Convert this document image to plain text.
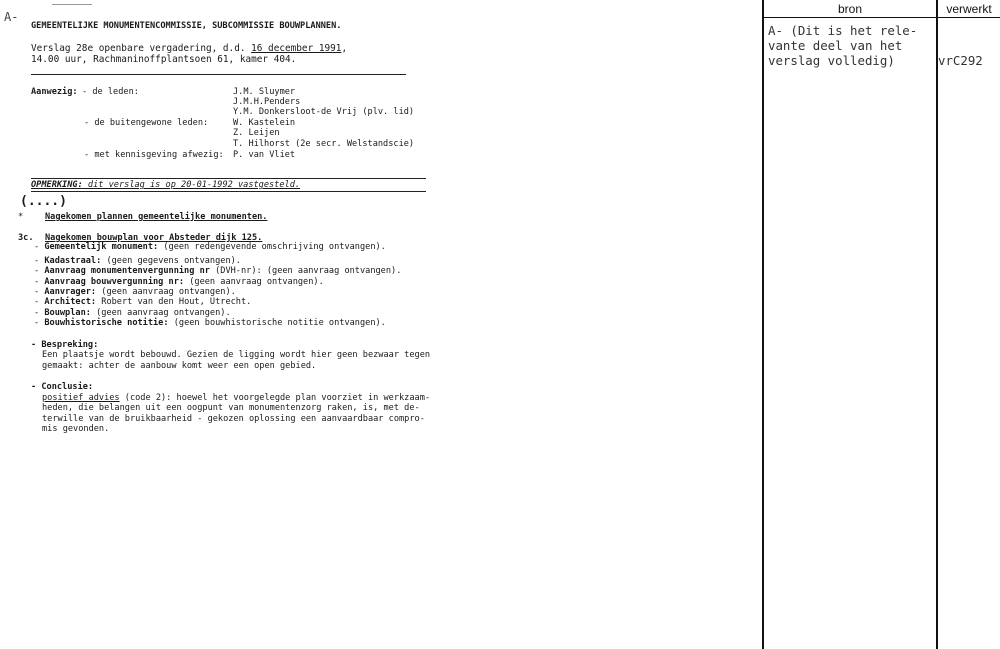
A-
GEMEENTELIJKE MONUMENTENCOMMISSIE, SUBCOMMISSIE BOUWPLANNEN.
Verslag 28e openbare vergadering, d.d. 16 december 1991,
14.00 uur, Rachmaninoffplantsoen 61, kamer 404.
Aanwezig: - de leden:	J.M. Sluymer
J.M.H.Penders
Y.M. Donkersloot-de Vrij (plv. lid)
- de buitengewone leden:	W. Kastelein
Z. Leijen
T. Hilhorst (2e secr. Welstandscie)
- met kennisgeving afwezig: P. van Vliet
OPMERKING: dit verslag is op 20-01-1992 vastgesteld.
(....)
*	Nagekomen plannen gemeentelijke monumenten.
3c. Nagekomen bouwplan voor Absteder dijk 125.
- Gemeentelijk monument: (geen redengevende omschrijving ontvangen).
- Kadastraal: (geen gegevens ontvangen).
- Aanvraag monumentenvergunning nr (DVH-nr): (geen aanvraag ontvangen).
- Aanvraag bouwvergunning nr: (geen aanvraag ontvangen).
- Aanvrager: (geen aanvraag ontvangen).
- Architect: Robert van den Hout, Utrecht.
- Bouwplan: (geen aanvraag ontvangen).
- Bouwhistorische notitie: (geen bouwhistorische notitie ontvangen).
- Bespreking:
Een plaatsje wordt bebouwd. Gezien de ligging wordt hier geen bezwaar tegen
gemaakt: achter de aanbouw komt weer een open gebied.
- Conclusie:
positief advies (code 2): hoewel het voorgelegde plan voorziet in werkzaam-
heden, die belangen uit een oogpunt van monumentenzorg raken, is, met de-
terwille van de bruikbaarheid - gekozen oplossing een aanvaardbaar compro-
mis gevonden.
bron	verwerkt
A- (Dit is het rele-
vante deel van het
verslag volledig)	vrC292
